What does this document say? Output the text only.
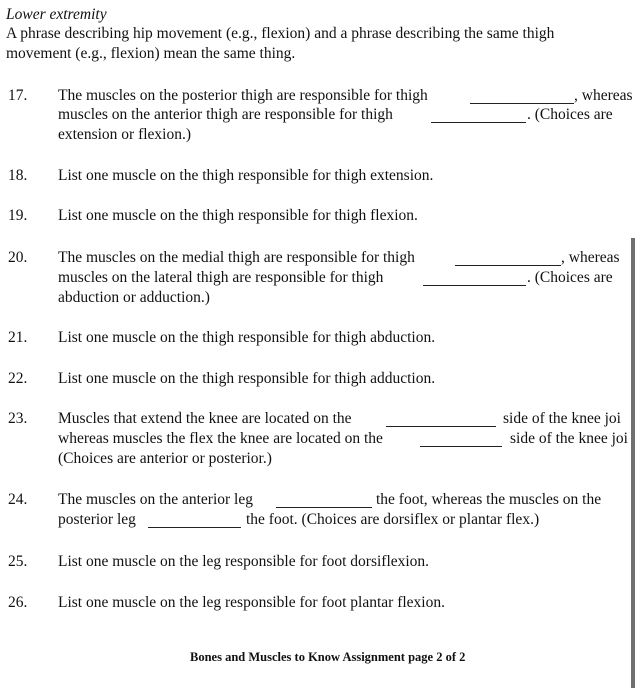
Lower extremity
A phrase describing hip movement (e.g., flexion) and a phrase describing the same thigh
movement (e.g., flexion) mean the same thing.
17. The muscles on the posterior thigh are responsible for thigh	, whereas
muscles on the anterior thigh are responsible for thigh	. (Choices are
extension or flexion.)
18. List one muscle on the thigh responsible for thigh extension.
19. List one muscle on the thigh responsible for thigh flexion.
20. The muscles on the medial thigh are responsible for thigh	, whereas
muscles on the lateral thigh are responsible for thigh	. (Choices are
abduction or adduction.)
21. List one muscle on the thigh responsible for thigh abduction.
22. List one muscle on the thigh responsible for thigh adduction.
23. Muscles that extend the knee are located on the	side of the knee joi
whereas muscles the flex the knee are located on the	side of the knee joi
(Choices are anterior or posterior.)
24. The muscles on the anterior leg	the foot, whereas the muscles on the
posterior leg	the foot. (Choices are dorsiflex or plantar flex.)
25. List one muscle on the leg responsible for foot dorsiflexion.
26. List one muscle on the leg responsible for foot plantar flexion.
Bones and Muscles to Know Assignment page 2 of 2
